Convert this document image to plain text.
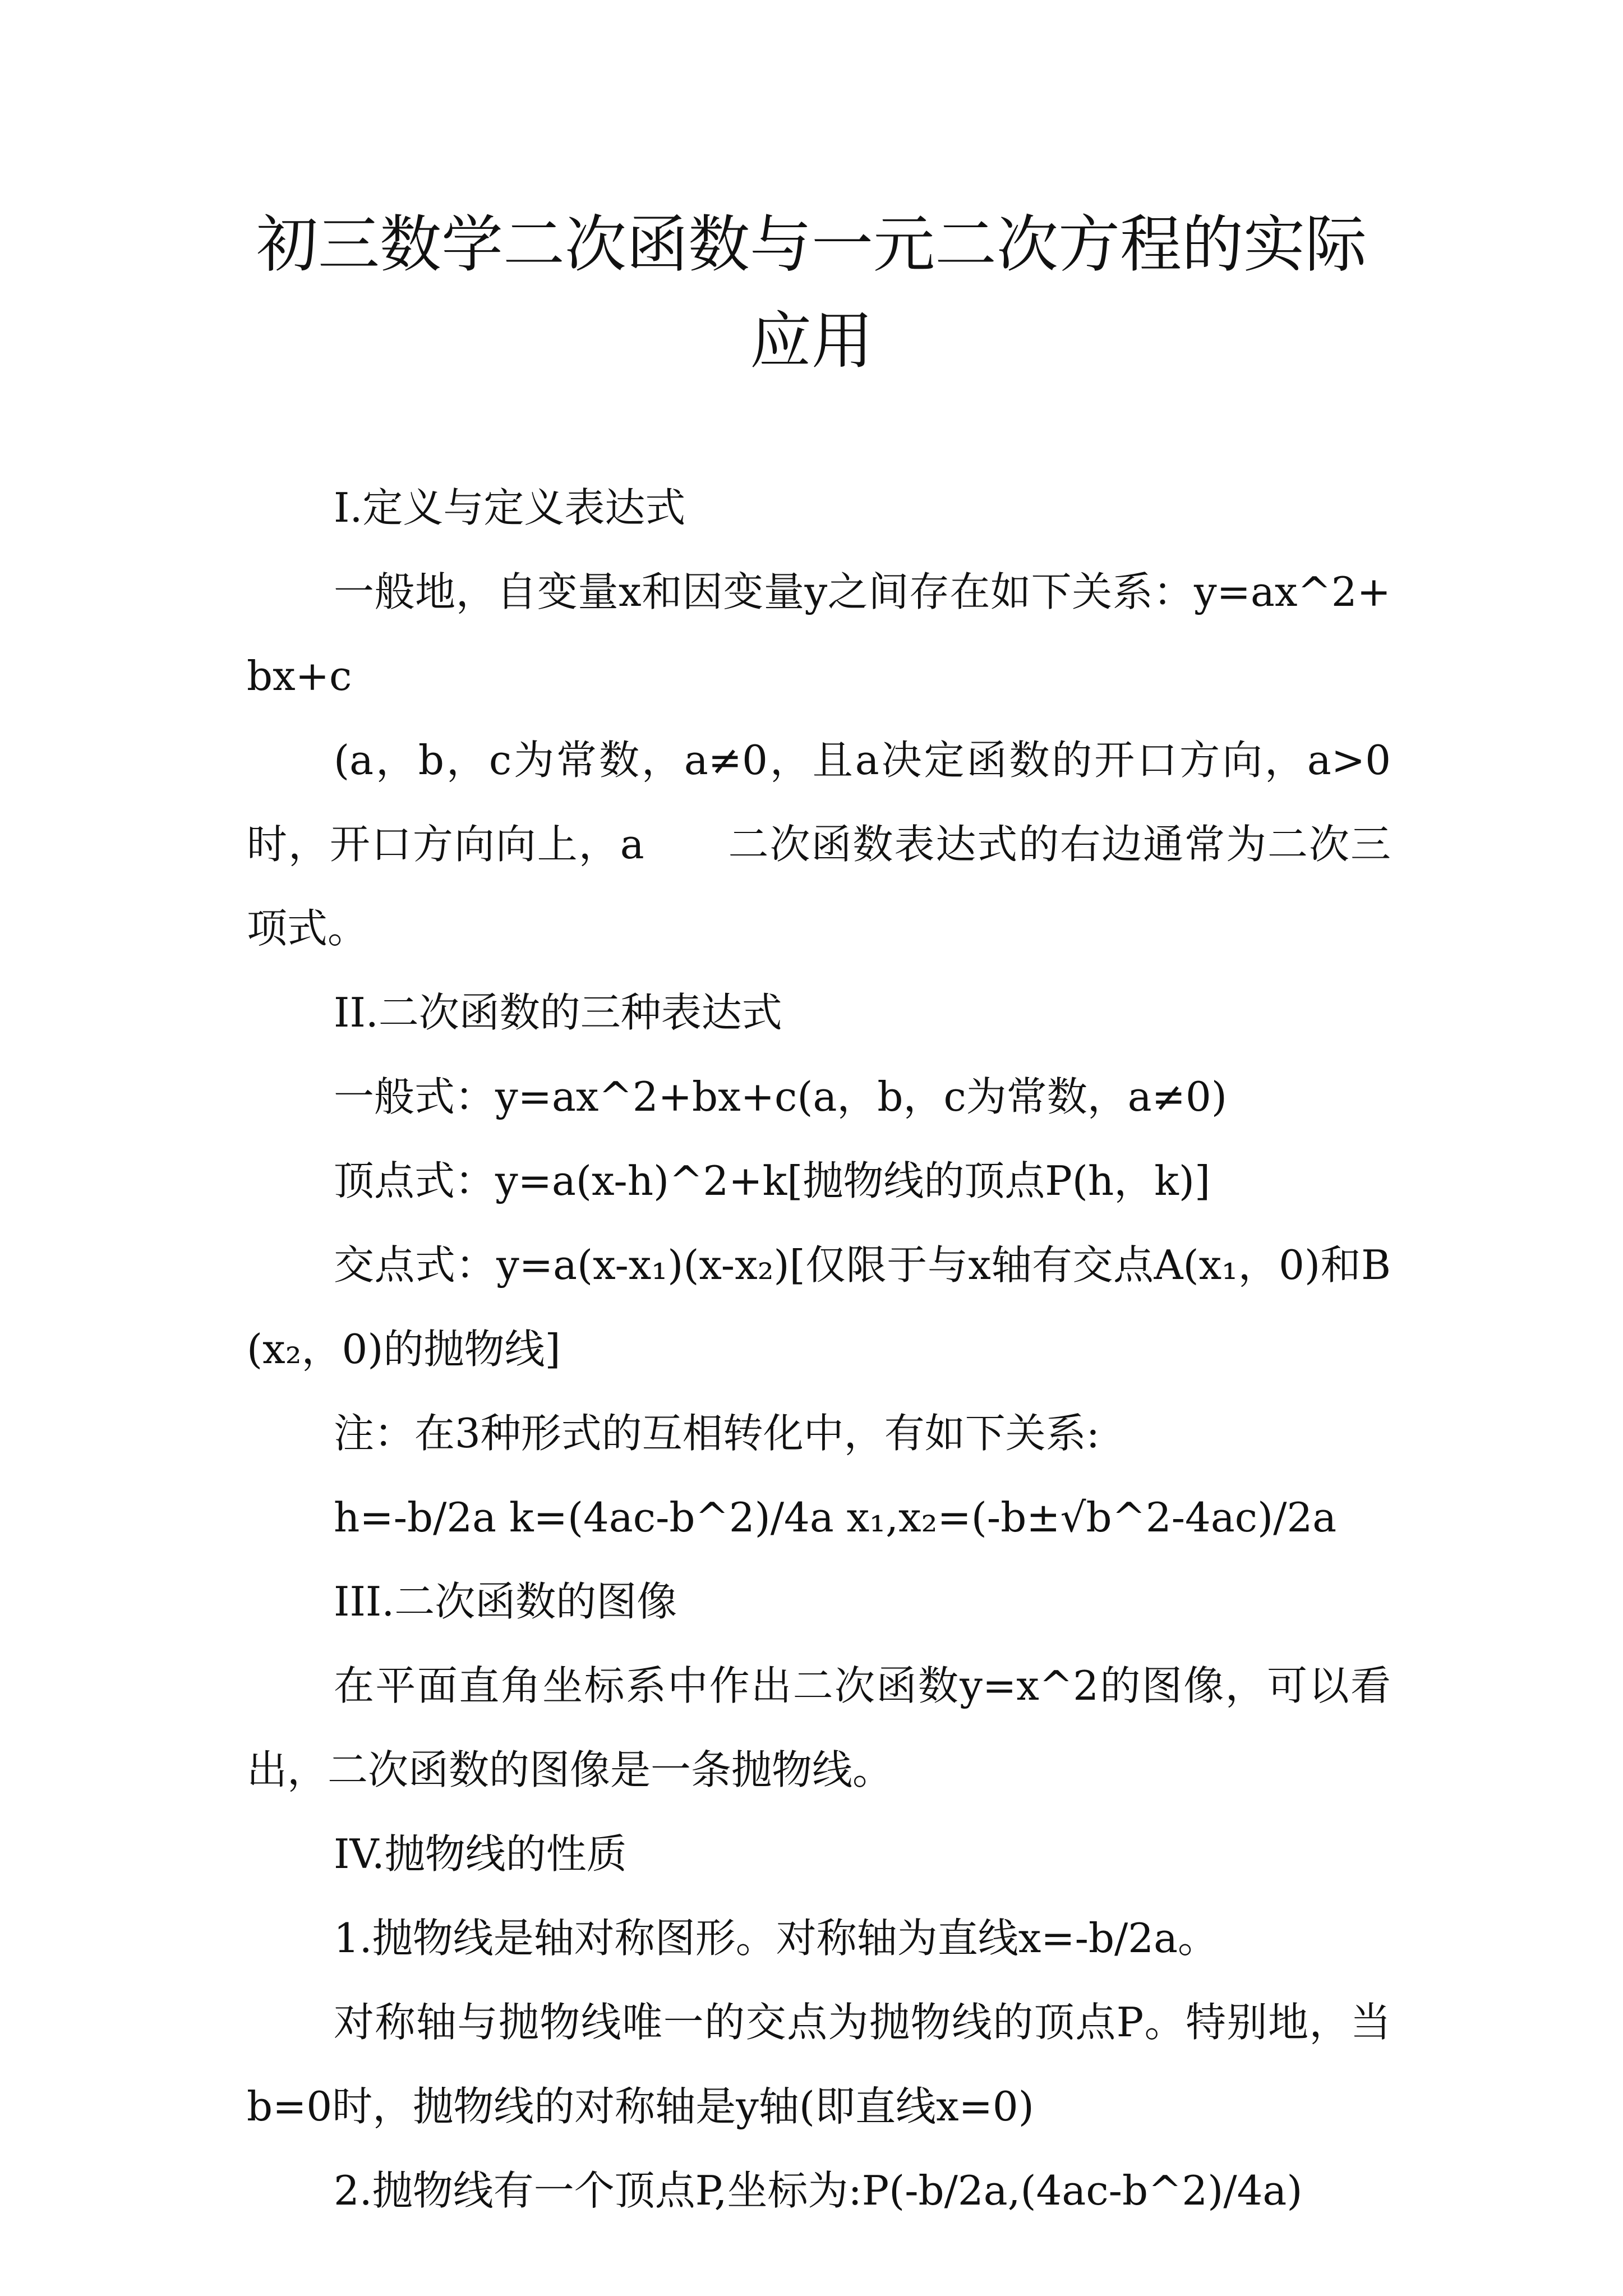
初三数学二次函数与一元二次方程的实际
应用

I.定义与定义表达式

一般地，自变量x和因变量y之间存在如下关系：y=ax^2+bx+c

(a，b，c为常数，a≠0，且a决定函数的开口方向，a>0时，开口方向向上，a　　二次函数表达式的右边通常为二次三项式。

II.二次函数的三种表达式

一般式：y=ax^2+bx+c(a，b，c为常数，a≠0)

顶点式：y=a(x-h)^2+k[抛物线的顶点P(h，k)]

交点式：y=a(x-x₁)(x-x₂)[仅限于与x轴有交点A(x₁，0)和B(x₂，0)的抛物线]

注：在3种形式的互相转化中，有如下关系:

h=-b/2a k=(4ac-b^2)/4a x₁,x₂=(-b±√b^2-4ac)/2a

III.二次函数的图像

在平面直角坐标系中作出二次函数y=x^2的图像，可以看出，二次函数的图像是一条抛物线。

IV.抛物线的性质

1.抛物线是轴对称图形。对称轴为直线x=-b/2a。

对称轴与抛物线唯一的交点为抛物线的顶点P。特别地，当b=0时，抛物线的对称轴是y轴(即直线x=0)

2.抛物线有一个顶点P,坐标为:P(-b/2a,(4ac-b^2)/4a)
